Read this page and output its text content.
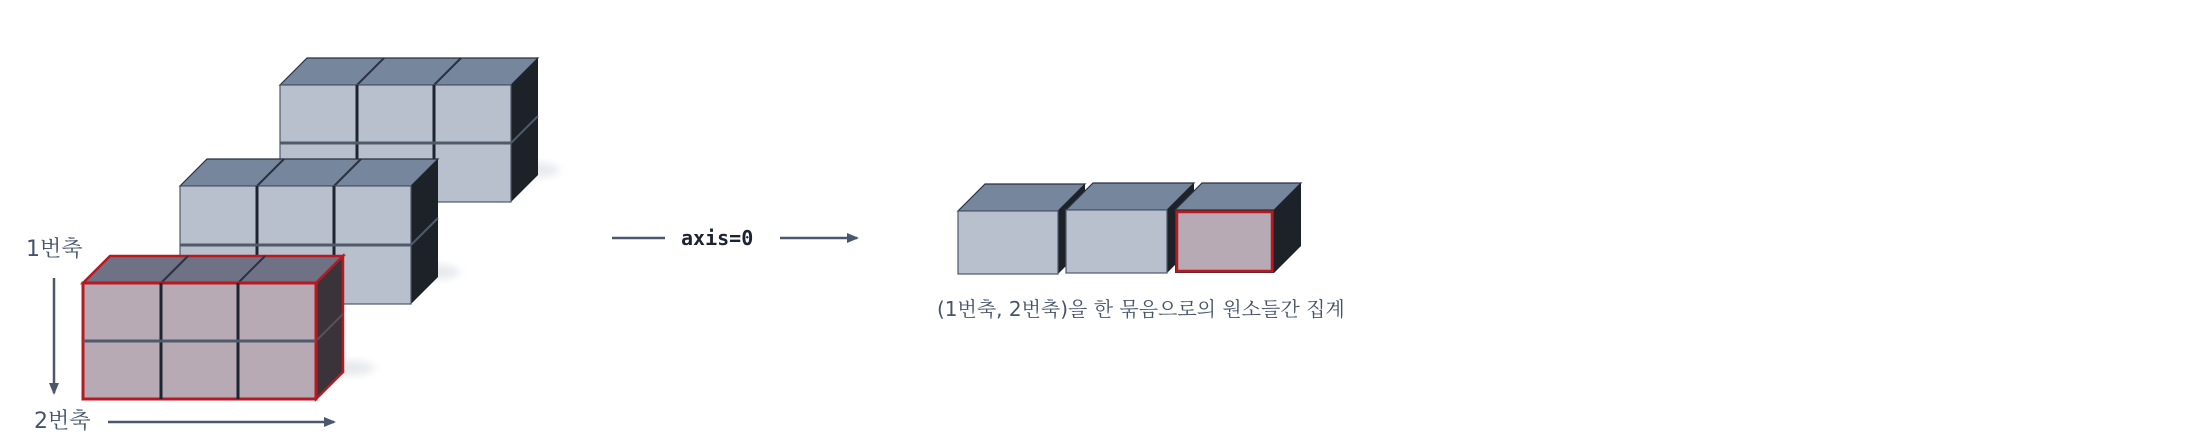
1번축
2번축
axis=0
(1번축, 2번축)을 한 묶음으로의 원소들간 집계
